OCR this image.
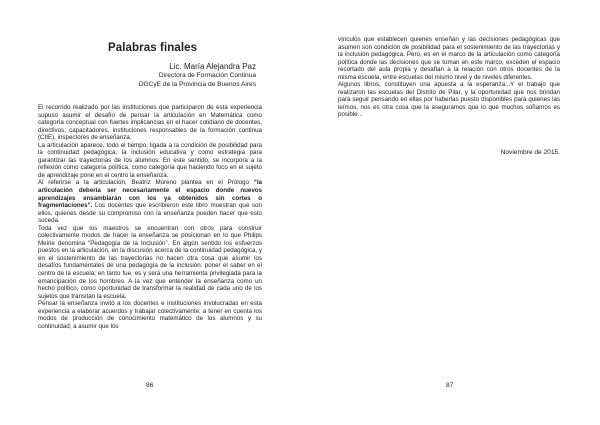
Palabras finales
Lic. María Alejandra Paz
Directora de Formación Continua
DGCyE de la Provincia de Buenos Aires

El recorrido realizado por las instituciones que participaron de esta experiencia supuso asumir el desafío de pensar la articulación en Matemática como categoría conceptual con fuertes implicancias en el hacer cotidiano de docentes, directivos, capacitadores, instituciones responsables de la formación continua (CIIE), inspectores de enseñanza.

La articulación aparece, todo el tiempo, ligada a la condición de posibilidad para la continuidad pedagógica, la inclusión educativa y como estrategia para garantizar las trayectorias de los alumnos. En este sentido, se incorpora a la reflexión como categoría política, como categoría que haciendo foco en el sujeto de aprendizaje pone en el centro la enseñanza.

Al referirse a la articulación, Beatriz Moreno plantea en el Prólogo “la articulación debería ser necesariamente el espacio donde nuevos aprendizajes ensamblarán con los ya obtenidos sin cortes o fragmentaciones”. Los docentes que escribieron este libro muestran que son ellos, quienes desde su compromiso con la enseñanza pueden hacer que esto suceda.

Toda vez que los maestros se encuentran con otros para construir colectivamente modos de hacer la enseñanza se posicionan en lo que Philips Meirie denomina “Pedagogía de la Inclusión”. En algún sentido los esfuerzos puestos en la articulación, en la discusión acerca de la continuidad pedagógica, y en el sostenimiento de las trayectorias no hacen otra cosa que asumir los desafíos fundamentales de una pedagogía de la inclusión: poner el saber en el centro de la escuela; en tanto fue, es y será una herramienta privilegiada para la emancipación de los hombres. A la vez que entender la enseñanza como un hecho político, como oportunidad de transformar la realidad de cada uno de los sujetos que transitan la escuela.

Pensar la enseñanza invitó a los docentes e instituciones involucradas en esta experiencia a elaborar acuerdos y trabajar colectivamente; a tener en cuenta los modos de producción de conocimiento matemático de los alumnos y su continuidad; a asumir que los

86

vínculos que establecen quienes enseñan y las decisiones pedagógicas que asumen son condición de posibilidad para el sostenimiento de las trayectorias y la inclusión pedagógica. Pero, es en el marco de la articulación como categoría política donde las decisiones que se toman en este marco, exceden el espacio recortado del aula propia y desafían a la relación con otros docentes de la misma escuela, entre escuelas del mismo nivel y de niveles diferentes.

Algunos libros, constituyen una apuesta a la esperanza...Y el trabajo que realizaron las escuelas del Distrito de Pilar, y la oportunidad que nos brindan para seguir pensando en ellas por haberlas puesto disponibles para quienes las leímos, nos es otra cosa que la aseguramos que lo que muchos soñamos es posible...

Noviembre de 2015.
87
